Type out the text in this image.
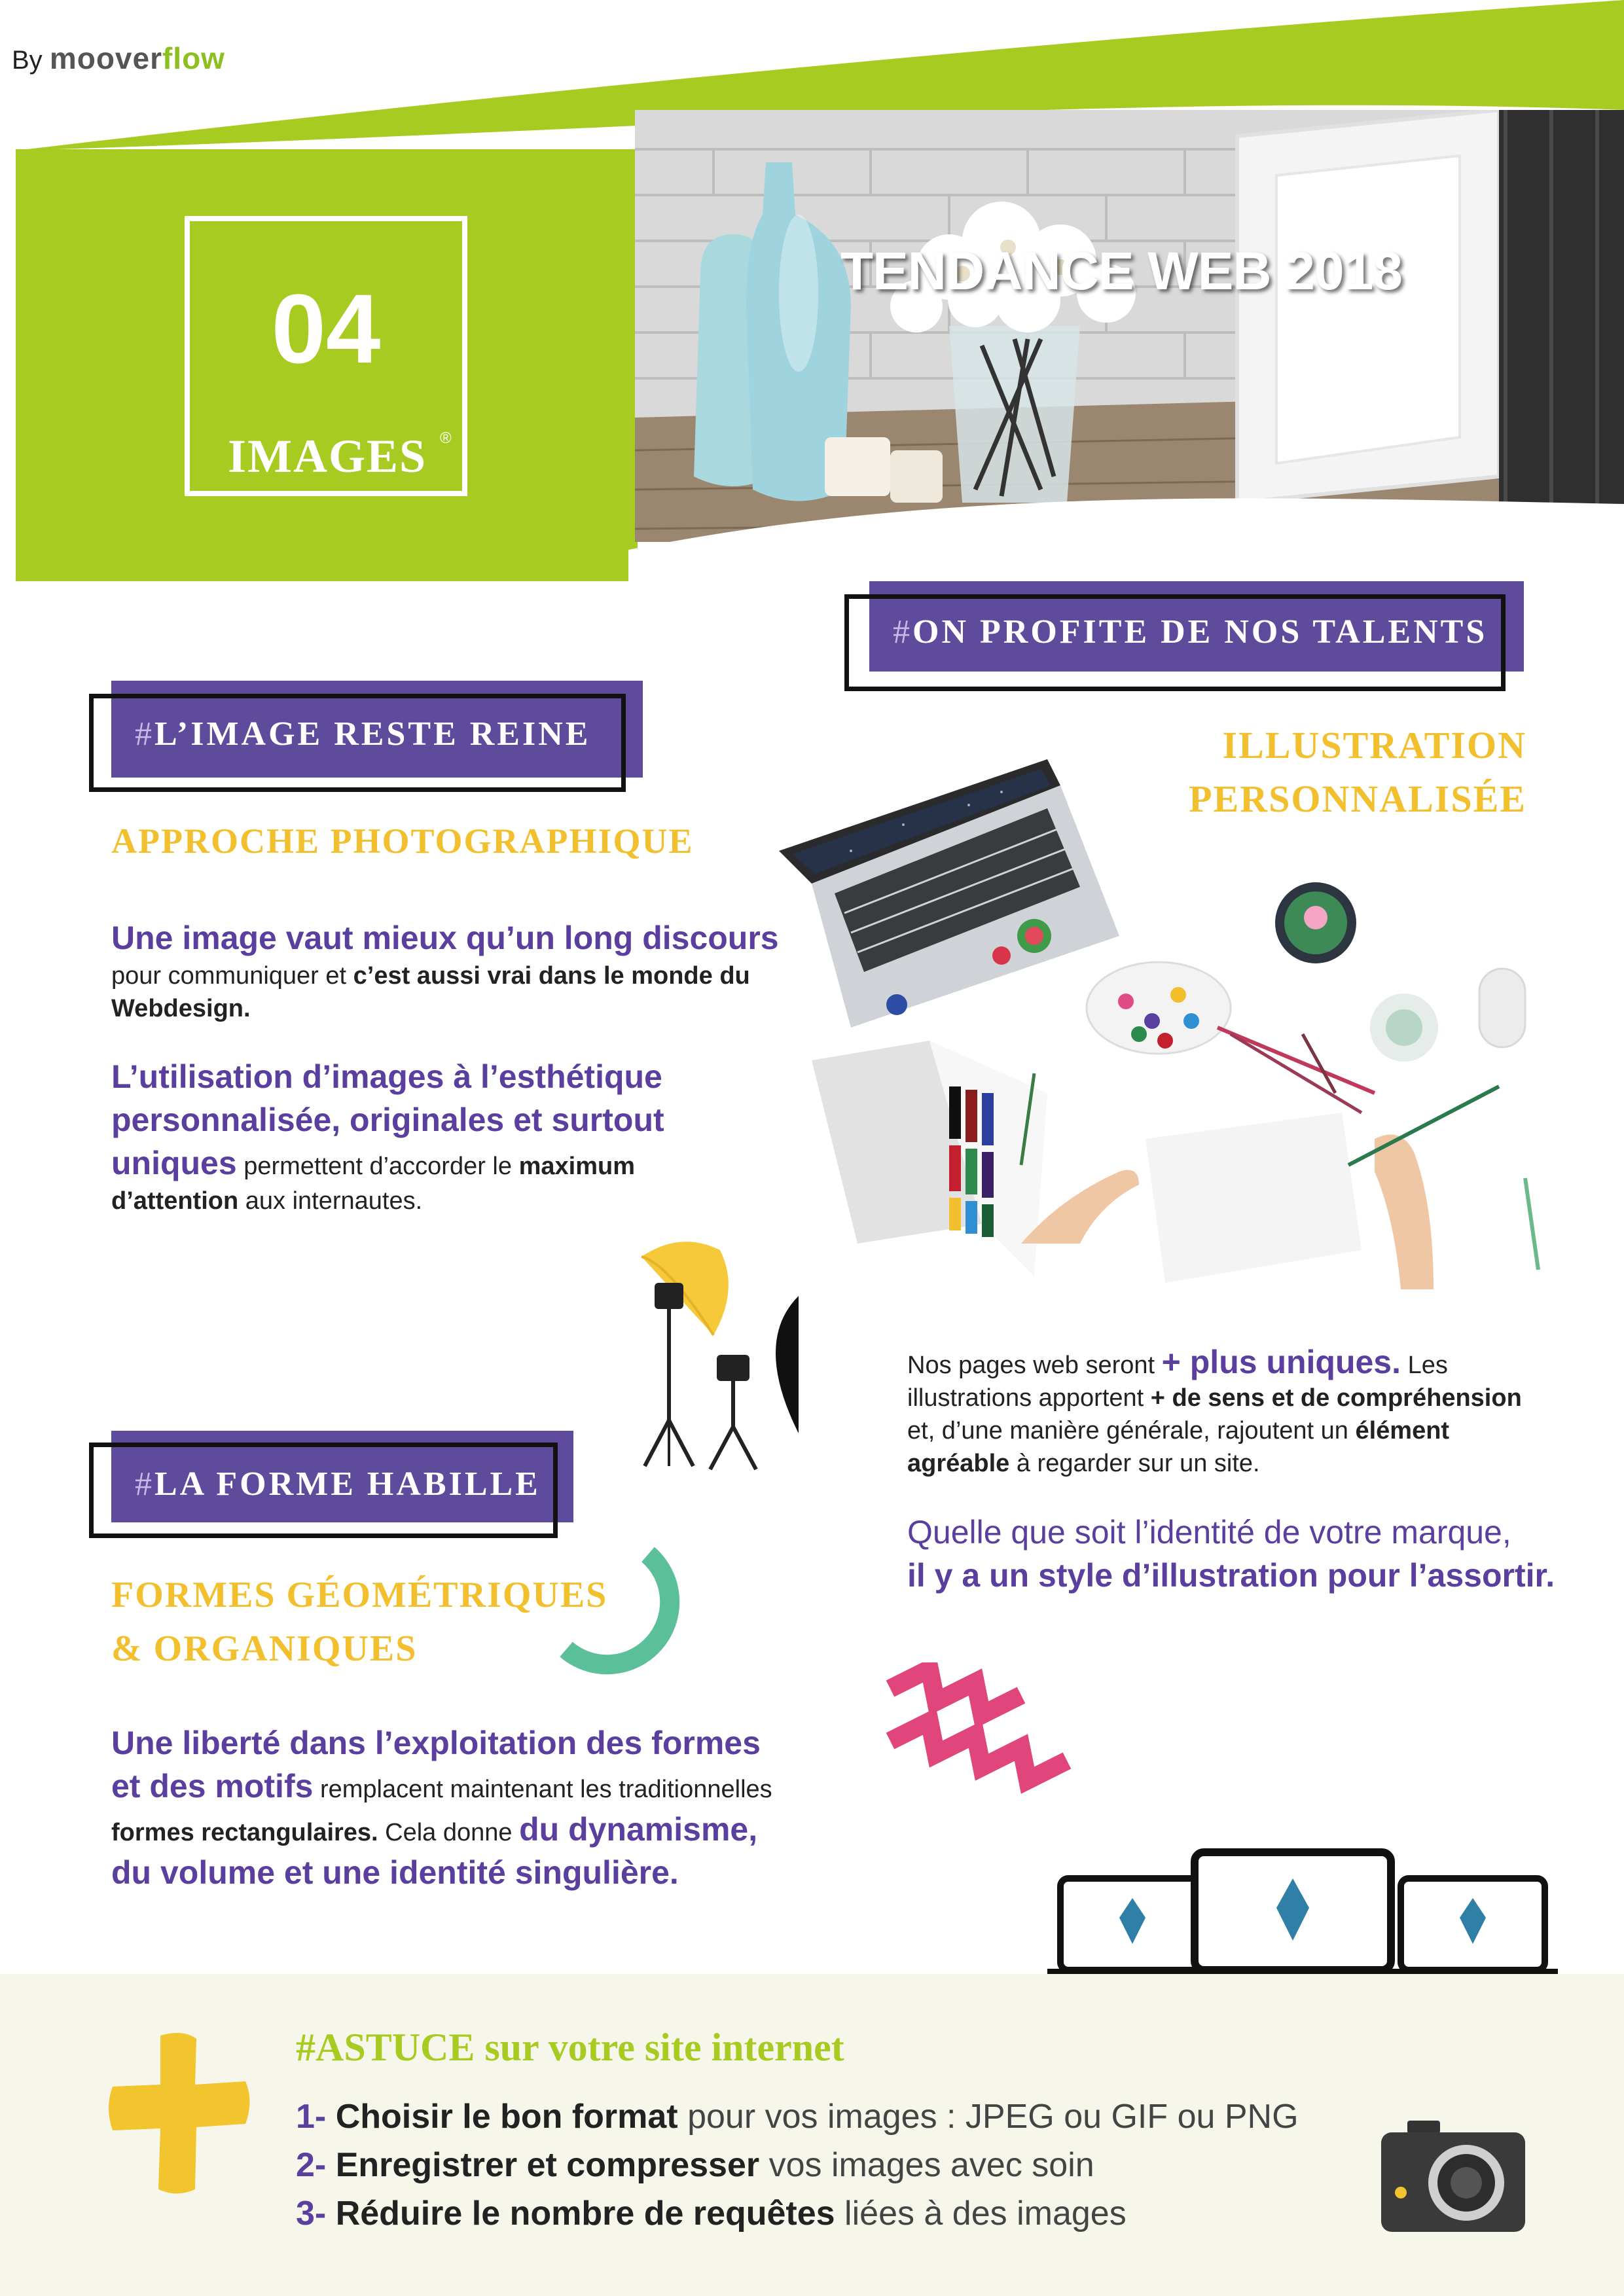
By mooverflow
04
IMAGES ®
TENDANCE WEB 2018
#ON PROFITE DE NOS TALENTS
ILLUSTRATION
PERSONNALISÉE
#L’IMAGE RESTE REINE
APPROCHE PHOTOGRAPHIQUE
Une image vaut mieux qu’un long discours
pour communiquer et c’est aussi vrai dans le monde du
Webdesign.
L’utilisation d’images à l’esthétique
personnalisée, originales et surtout
uniques permettent d’accorder le maximum
d’attention aux internautes.
Nos pages web seront + plus uniques. Les
illustrations apportent + de sens et de compréhension
et, d’une manière générale, rajoutent un élément
agréable à regarder sur un site.
Quelle que soit l’identité de votre marque,
il y a un style d’illustration pour l’assortir.
#LA FORME HABILLE
FORMES GÉOMÉTRIQUES
& ORGANIQUES
Une liberté dans l’exploitation des formes
et des motifs remplacent maintenant les traditionnelles
formes rectangulaires. Cela donne du dynamisme,
du volume et une identité singulière.
#ASTUCE sur votre site internet
1- Choisir le bon format pour vos images : JPEG ou GIF ou PNG
2- Enregistrer et compresser vos images avec soin
3- Réduire le nombre de requêtes liées à des images
